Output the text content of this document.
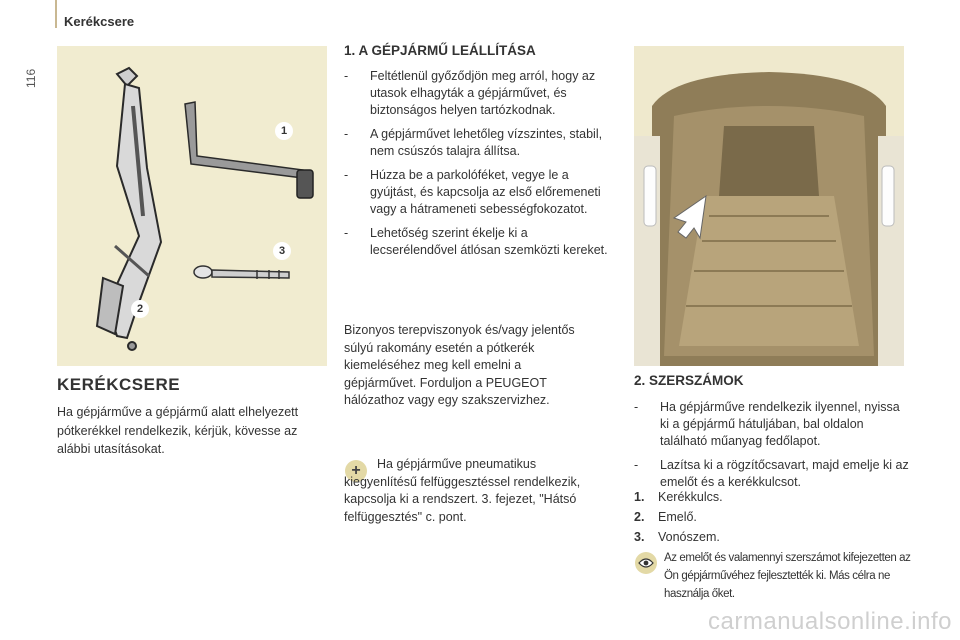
116
Kerékcsere
1
2
3
KERÉKCSERE

Ha gépjárműve a gépjármű alatt elhelyezett pótkerékkel rendelkezik, kérjük, kövesse az alábbi utasításokat.

1. A GÉPJÁRMŰ LEÁLLÍTÁSA
- Feltétlenül győződjön meg arról, hogy az utasok elhagyták a gépjárművet, és biztonságos helyen tartózkodnak.
- A gépjárművet lehetőleg vízszintes, stabil, nem csúszós talajra állítsa.
- Húzza be a parkolóféket, vegye le a gyújtást, és kapcsolja az első előremeneti vagy a hátrameneti sebességfokozatot.
- Lehetőség szerint ékelje ki a lecserélendővel átlósan szemközti kereket.

Bizonyos terepviszonyok és/vagy jelentős súlyú rakomány esetén a pótkerék kiemeléséhez meg kell emelni a gépjárművet. Forduljon a PEUGEOT hálózathoz vagy egy szakszervizhez.

+	Ha gépjárműve pneumatikus kiegyenlítésű felfüggesztéssel rendelkezik, kapcsolja ki a rendszert. 3. fejezet, "Hátsó felfüggesztés" c. pont.

2. SZERSZÁMOK
- Ha gépjárműve rendelkezik ilyennel, nyissa ki a gépjármű hátuljában, bal oldalon található műanyag fedőlapot.
- Lazítsa ki a rögzítőcsavart, majd emelje ki az emelőt és a kerékkulcsot.
1. Kerékkulcs.
2. Emelő.
3. Vonószem.

Az emelőt és valamennyi szerszámot kifejezetten az Ön gépjárművéhez fejlesztették ki. Más célra ne használja őket.

carmanualsonline.info
